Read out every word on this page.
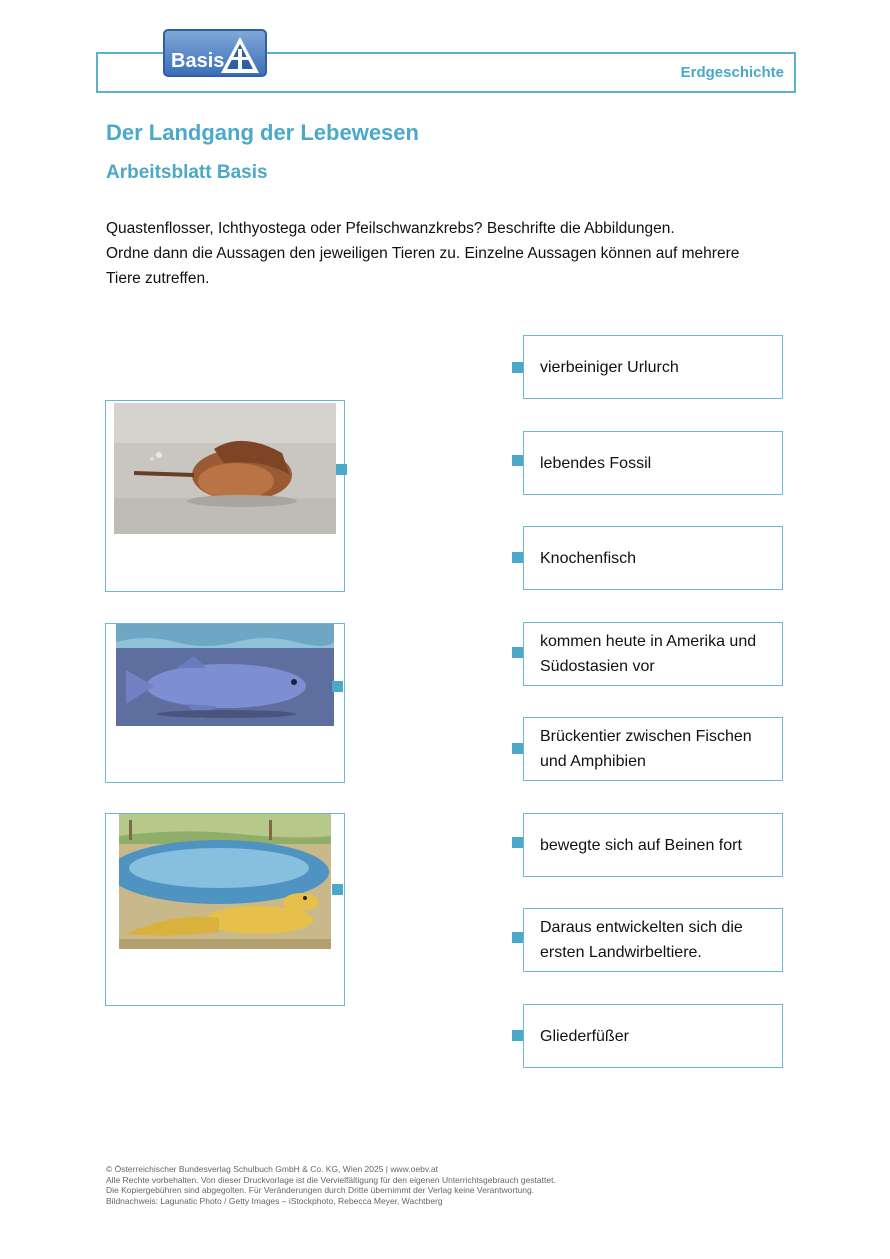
Basis
Erdgeschichte
Der Landgang der Lebewesen
Arbeitsblatt Basis
Quastenflosser, Ichthyostega oder Pfeilschwanzkrebs? Beschrifte die Abbildungen.
Ordne dann die Aussagen den jeweiligen Tieren zu. Einzelne Aussagen können auf mehrere
Tiere zutreffen.
vierbeiniger Urlurch
lebendes Fossil
Knochenfisch
kommen heute in Amerika und Südostasien vor
Brückentier zwischen Fischen und Amphibien
bewegte sich auf Beinen fort
Daraus entwickelten sich die ersten Landwirbeltiere.
Gliederfüßer
© Österreichischer Bundesverlag Schulbuch GmbH & Co. KG, Wien 2025 | www.oebv.at
Alle Rechte vorbehalten. Von dieser Druckvorlage ist die Vervielfältigung für den eigenen Unterrichtsgebrauch gestattet.
Die Kopiergebühren sind abgegolten. Für Veränderungen durch Dritte übernimmt der Verlag keine Verantwortung.
Bildnachweis: Lagunatic Photo / Getty Images – iStockphoto, Rebecca Meyer, Wachtberg
